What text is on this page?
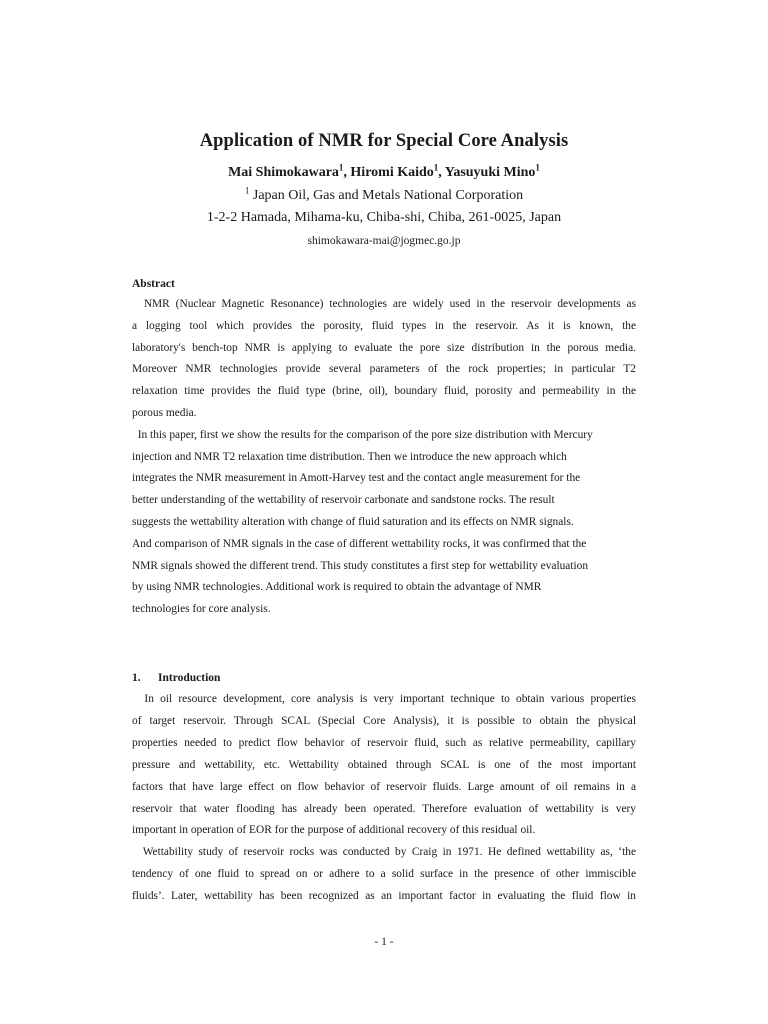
Application of NMR for Special Core Analysis
Mai Shimokawara$^1$, Hiromi Kaido$^1$, Yasuyuki Mino$^1$
$^1$ Japan Oil, Gas and Metals National Corporation
1-2-2 Hamada, Mihama-ku, Chiba-shi, Chiba, 261-0025, Japan
shimokawara-mai@jogmec.go.jp
Abstract
NMR (Nuclear Magnetic Resonance) technologies are widely used in the reservoir developments as
a logging tool which provides the porosity, fluid types in the reservoir. As it is known, the
laboratory's bench-top NMR is applying to evaluate the pore size distribution in the porous media.
Moreover NMR technologies provide several parameters of the rock properties; in particular T2
relaxation time provides the fluid type (brine, oil), boundary fluid, porosity and permeability in the
porous media.
In this paper, first we show the results for the comparison of the pore size distribution with Mercury
injection and NMR T2 relaxation time distribution. Then we introduce the new approach which
integrates the NMR measurement in Amott-Harvey test and the contact angle measurement for the
better understanding of the wettability of reservoir carbonate and sandstone rocks. The result
suggests the wettability alteration with change of fluid saturation and its effects on NMR signals.
And comparison of NMR signals in the case of different wettability rocks, it was confirmed that the
NMR signals showed the different trend. This study constitutes a first step for wettability evaluation
by using NMR technologies. Additional work is required to obtain the advantage of NMR
technologies for core analysis.
1. Introduction
In oil resource development, core analysis is very important technique to obtain various properties
of target reservoir. Through SCAL (Special Core Analysis), it is possible to obtain the physical
properties needed to predict flow behavior of reservoir fluid, such as relative permeability, capillary
pressure and wettability, etc. Wettability obtained through SCAL is one of the most important
factors that have large effect on flow behavior of reservoir fluids. Large amount of oil remains in a
reservoir that water flooding has already been operated. Therefore evaluation of wettability is very
important in operation of EOR for the purpose of additional recovery of this residual oil.
Wettability study of reservoir rocks was conducted by Craig in 1971. He defined wettability as, ‘the
tendency of one fluid to spread on or adhere to a solid surface in the presence of other immiscible
fluids’. Later, wettability has been recognized as an important factor in evaluating the fluid flow in
- 1 -
